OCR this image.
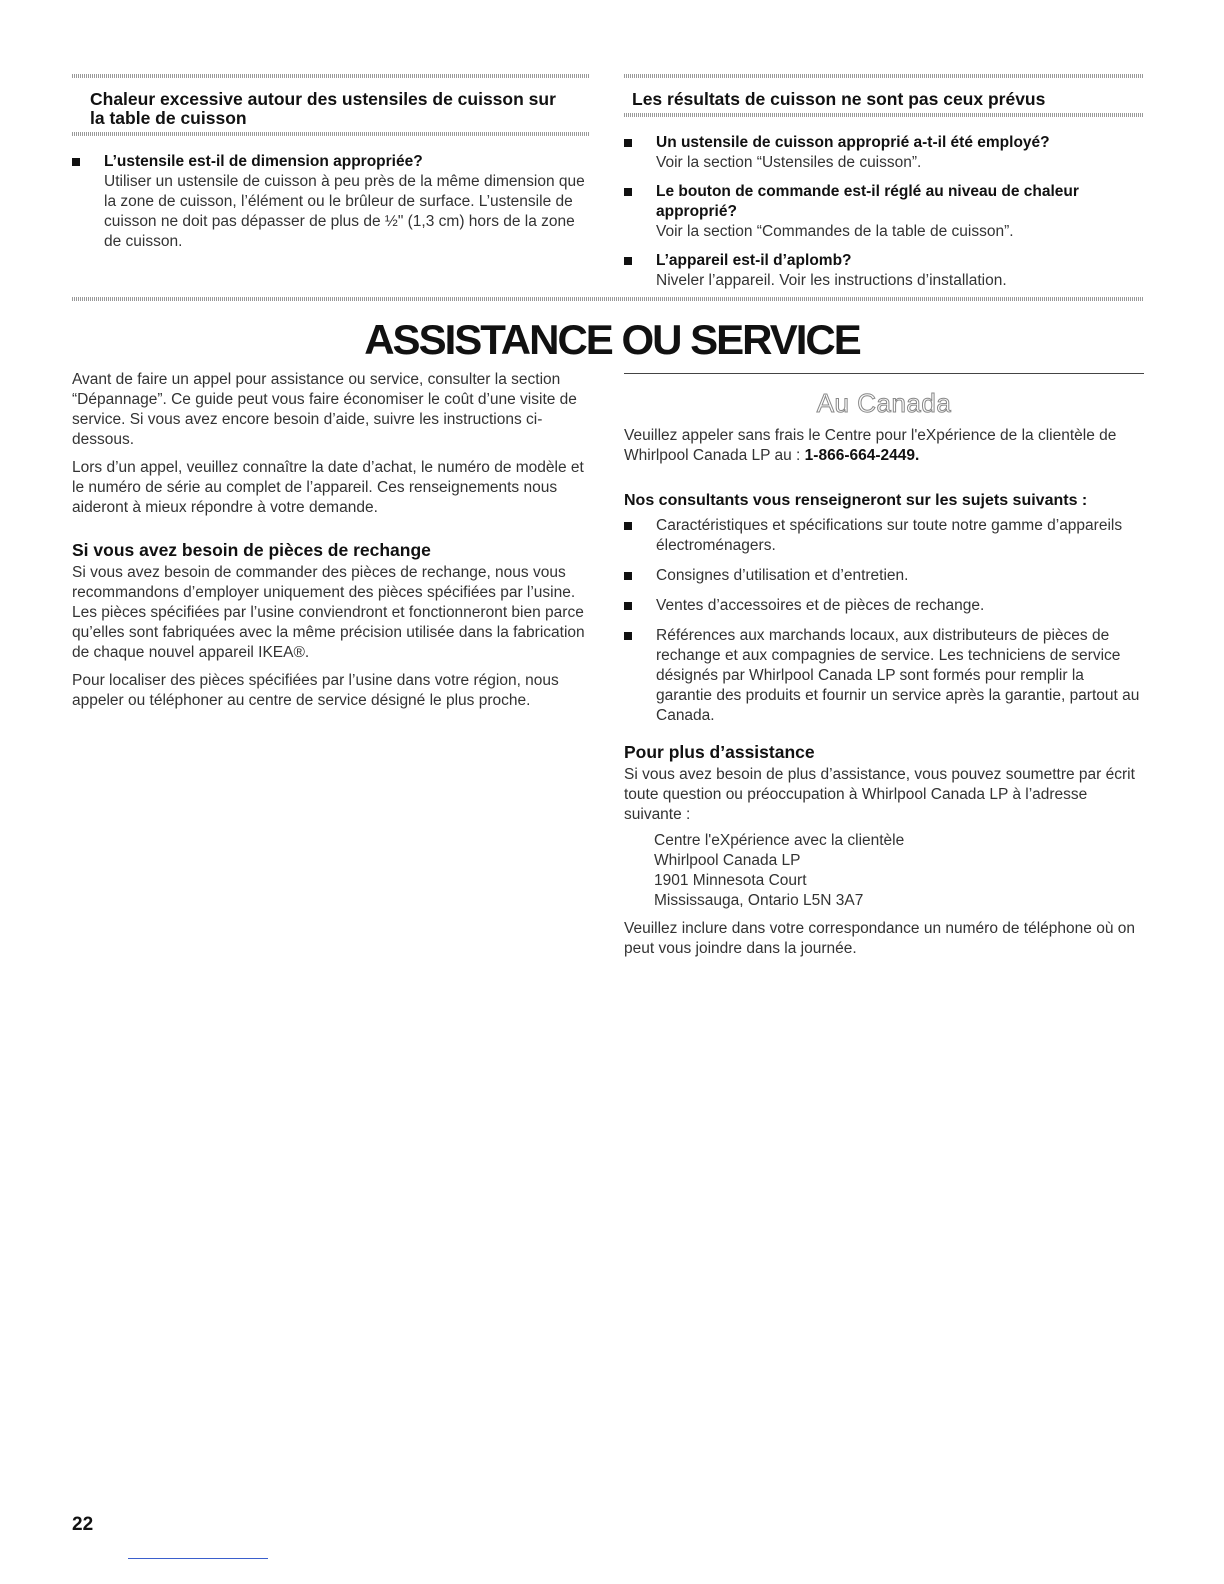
Chaleur excessive autour des ustensiles de cuisson sur la table de cuisson
L’ustensile est-il de dimension appropriée?
Utiliser un ustensile de cuisson à peu près de la même dimension que la zone de cuisson, l’élément ou le brûleur de surface. L’ustensile de cuisson ne doit pas dépasser de plus de ½" (1,3 cm) hors de la zone de cuisson.
Les résultats de cuisson ne sont pas ceux prévus
Un ustensile de cuisson approprié a-t-il été employé?
Voir la section “Ustensiles de cuisson”.
Le bouton de commande est-il réglé au niveau de chaleur approprié?
Voir la section “Commandes de la table de cuisson”.
L’appareil est-il d’aplomb?
Niveler l’appareil. Voir les instructions d’installation.
ASSISTANCE OU SERVICE

Avant de faire un appel pour assistance ou service, consulter la section “Dépannage”. Ce guide peut vous faire économiser le coût d’une visite de service. Si vous avez encore besoin d’aide, suivre les instructions ci-dessous.

Lors d’un appel, veuillez connaître la date d’achat, le numéro de modèle et le numéro de série au complet de l’appareil. Ces renseignements nous aideront à mieux répondre à votre demande.

Si vous avez besoin de pièces de rechange

Si vous avez besoin de commander des pièces de rechange, nous vous recommandons d’employer uniquement des pièces spécifiées par l’usine. Les pièces spécifiées par l’usine conviendront et fonctionneront bien parce qu’elles sont fabriquées avec la même précision utilisée dans la fabrication de chaque nouvel appareil IKEA®.

Pour localiser des pièces spécifiées par l’usine dans votre région, nous appeler ou téléphoner au centre de service désigné le plus proche.

Au Canada

Veuillez appeler sans frais le Centre pour l'eXpérience de la clientèle de Whirlpool Canada LP au : 1-866-664-2449.

Nos consultants vous renseigneront sur les sujets suivants :
Caractéristiques et spécifications sur toute notre gamme d’appareils électroménagers.
Consignes d’utilisation et d’entretien.
Ventes d’accessoires et de pièces de rechange.
Références aux marchands locaux, aux distributeurs de pièces de rechange et aux compagnies de service. Les techniciens de service désignés par Whirlpool Canada LP sont formés pour remplir la garantie des produits et fournir un service après la garantie, partout au Canada.
Pour plus d’assistance

Si vous avez besoin de plus d’assistance, vous pouvez soumettre par écrit toute question ou préoccupation à Whirlpool Canada LP à l’adresse suivante :

Centre l'eXpérience avec la clientèle
Whirlpool Canada LP
1901 Minnesota Court
Mississauga, Ontario L5N 3A7

Veuillez inclure dans votre correspondance un numéro de téléphone où on peut vous joindre dans la journée.

22
